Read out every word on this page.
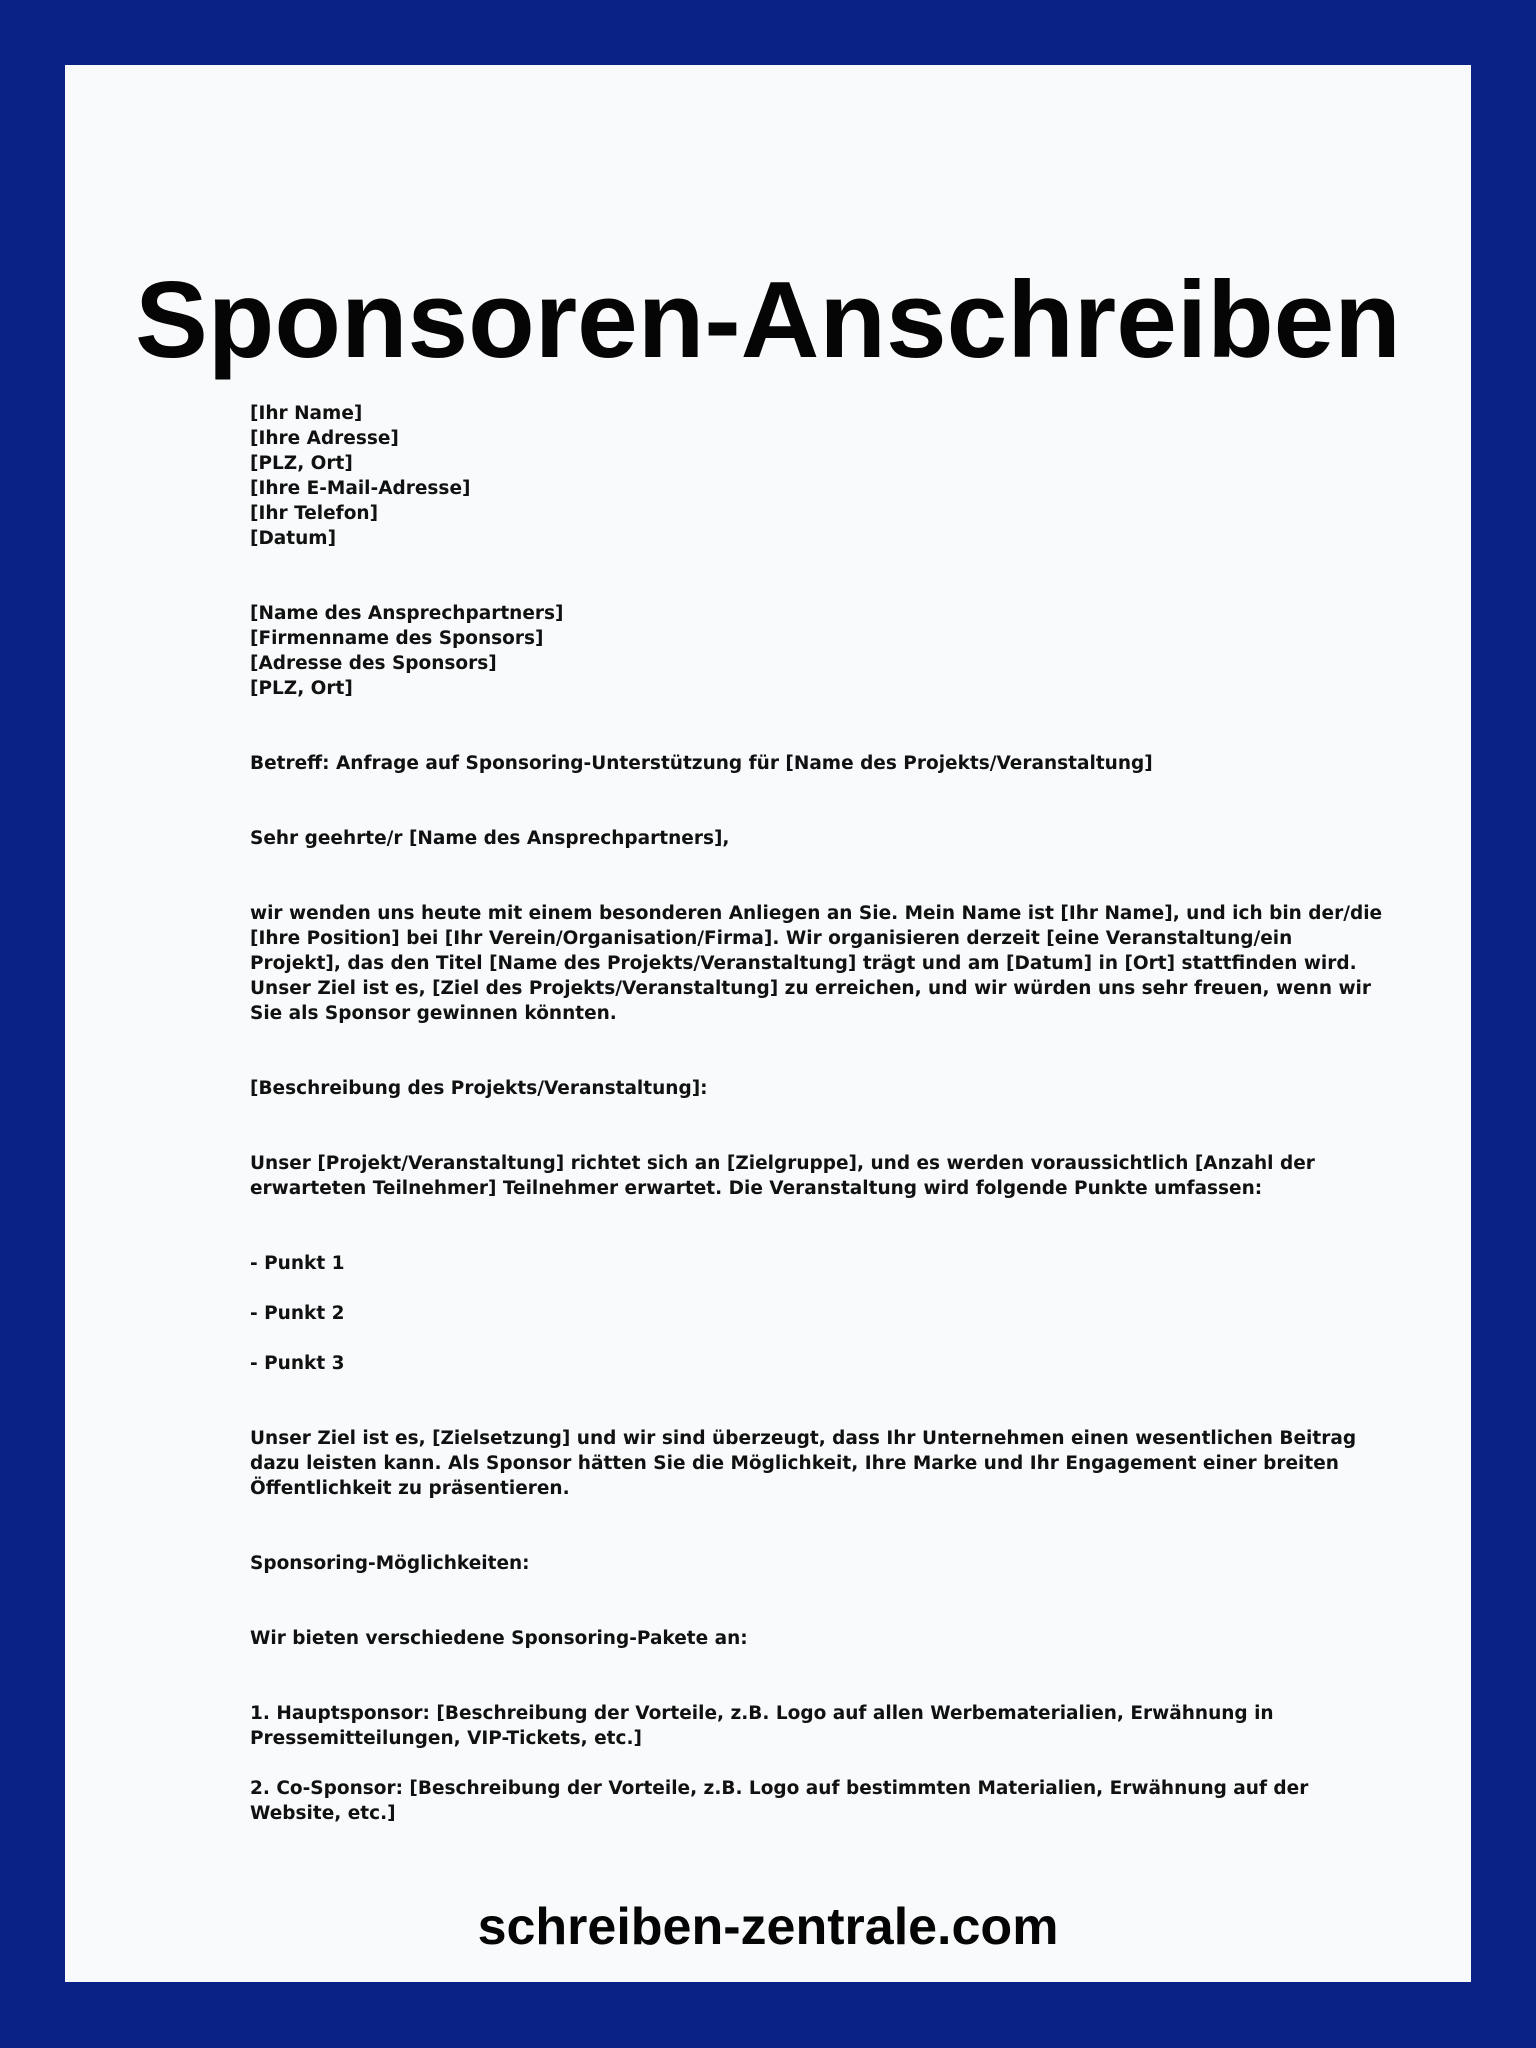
Sponsoren-Anschreiben
[Ihr Name]
[Ihre Adresse]
[PLZ, Ort]
[Ihre E-Mail-Adresse]
[Ihr Telefon]
[Datum]
[Name des Ansprechpartners]
[Firmenname des Sponsors]
[Adresse des Sponsors]
[PLZ, Ort]
Betreff: Anfrage auf Sponsoring-Unterstützung für [Name des Projekts/Veranstaltung]
Sehr geehrte/r [Name des Ansprechpartners],
wir wenden uns heute mit einem besonderen Anliegen an Sie. Mein Name ist [Ihr Name], und ich bin der/die
[Ihre Position] bei [Ihr Verein/Organisation/Firma]. Wir organisieren derzeit [eine Veranstaltung/ein
Projekt], das den Titel [Name des Projekts/Veranstaltung] trägt und am [Datum] in [Ort] stattfinden wird.
Unser Ziel ist es, [Ziel des Projekts/Veranstaltung] zu erreichen, und wir würden uns sehr freuen, wenn wir
Sie als Sponsor gewinnen könnten.
[Beschreibung des Projekts/Veranstaltung]:
Unser [Projekt/Veranstaltung] richtet sich an [Zielgruppe], und es werden voraussichtlich [Anzahl der
erwarteten Teilnehmer] Teilnehmer erwartet. Die Veranstaltung wird folgende Punkte umfassen:
- Punkt 1
- Punkt 2
- Punkt 3
Unser Ziel ist es, [Zielsetzung] und wir sind überzeugt, dass Ihr Unternehmen einen wesentlichen Beitrag
dazu leisten kann. Als Sponsor hätten Sie die Möglichkeit, Ihre Marke und Ihr Engagement einer breiten
Öffentlichkeit zu präsentieren.
Sponsoring-Möglichkeiten:
Wir bieten verschiedene Sponsoring-Pakete an:
1. Hauptsponsor: [Beschreibung der Vorteile, z.B. Logo auf allen Werbematerialien, Erwähnung in
Pressemitteilungen, VIP-Tickets, etc.]
2. Co-Sponsor: [Beschreibung der Vorteile, z.B. Logo auf bestimmten Materialien, Erwähnung auf der
Website, etc.]
schreiben-zentrale.com
